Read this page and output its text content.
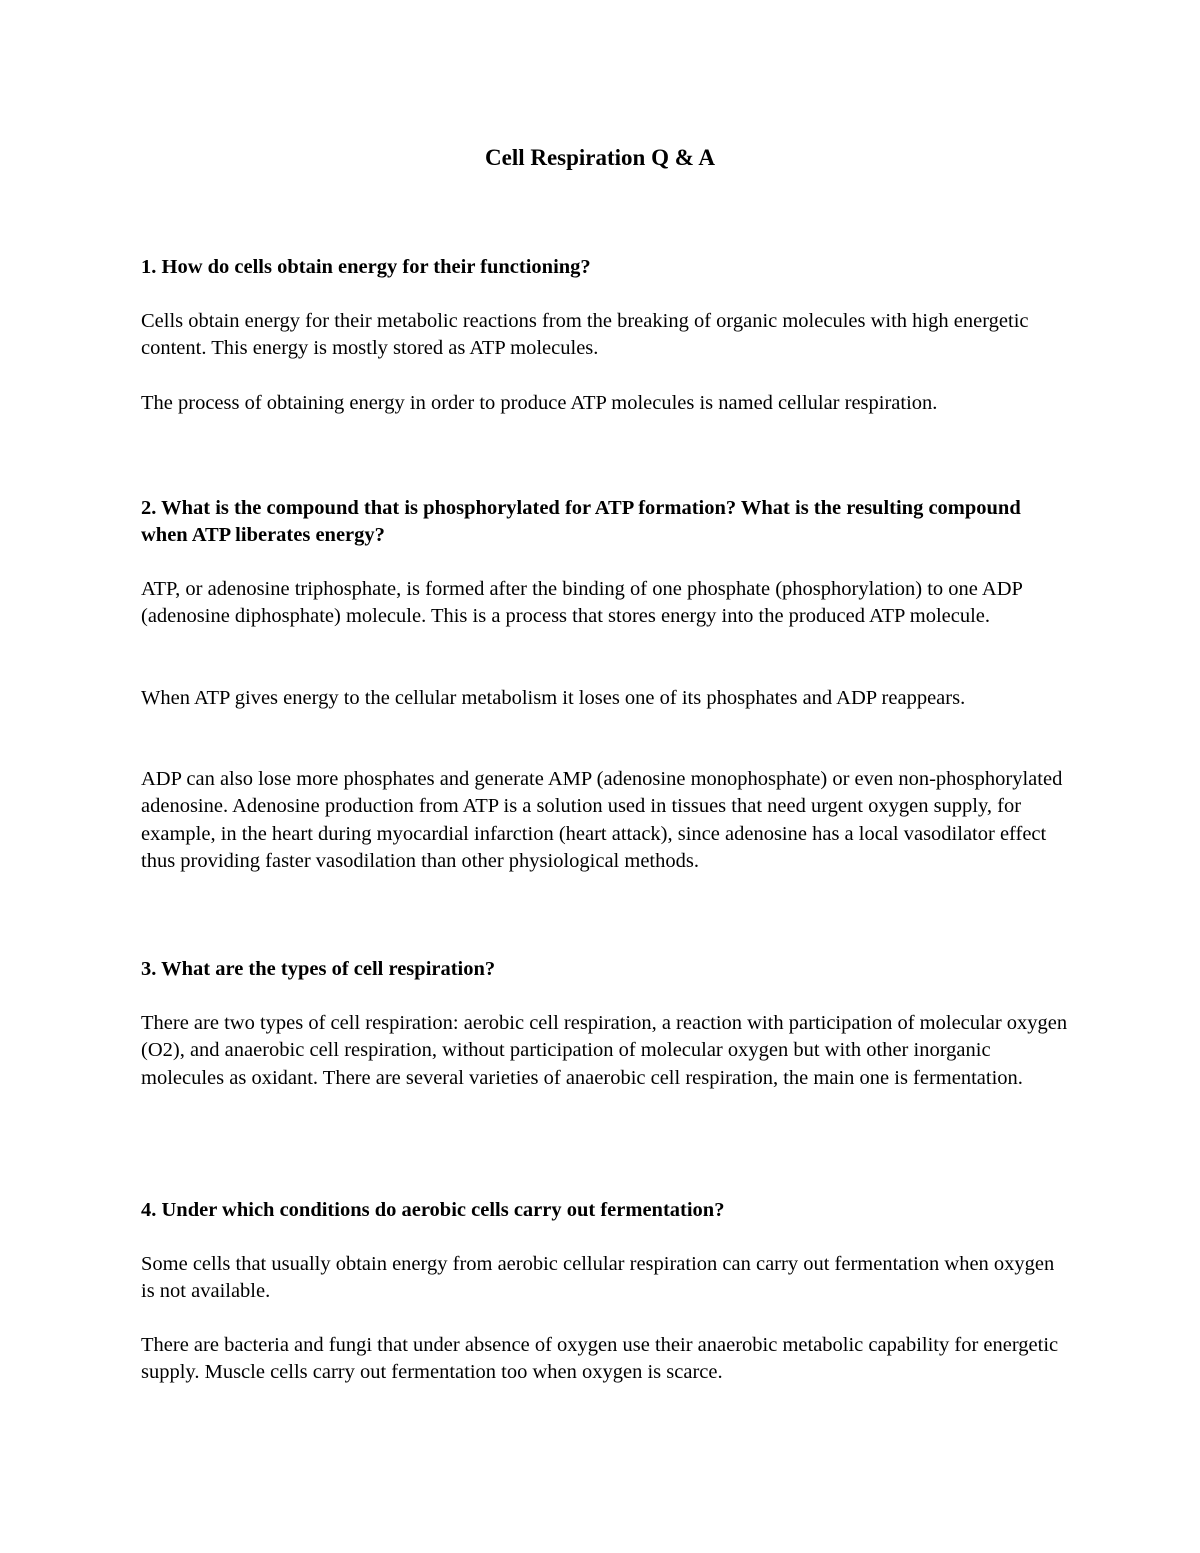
Cell Respiration Q & A

1. How do cells obtain energy for their functioning?

Cells obtain energy for their metabolic reactions from the breaking of organic molecules with high energetic content. This energy is mostly stored as ATP molecules.

The process of obtaining energy in order to produce ATP molecules is named cellular respiration.

2. What is the compound that is phosphorylated for ATP formation? What is the resulting compound when ATP liberates energy?

ATP, or adenosine triphosphate, is formed after the binding of one phosphate (phosphorylation) to one ADP (adenosine diphosphate) molecule. This is a process that stores energy into the produced ATP molecule.

When ATP gives energy to the cellular metabolism it loses one of its phosphates and ADP reappears.

ADP can also lose more phosphates and generate AMP (adenosine monophosphate) or even non-phosphorylated adenosine. Adenosine production from ATP is a solution used in tissues that need urgent oxygen supply, for example, in the heart during myocardial infarction (heart attack), since adenosine has a local vasodilator effect thus providing faster vasodilation than other physiological methods.

3. What are the types of cell respiration?

There are two types of cell respiration: aerobic cell respiration, a reaction with participation of molecular oxygen (O2), and anaerobic cell respiration, without participation of molecular oxygen but with other inorganic molecules as oxidant. There are several varieties of anaerobic cell respiration, the main one is fermentation.

4. Under which conditions do aerobic cells carry out fermentation?

Some cells that usually obtain energy from aerobic cellular respiration can carry out fermentation when oxygen is not available.

There are bacteria and fungi that under absence of oxygen use their anaerobic metabolic capability for energetic supply. Muscle cells carry out fermentation too when oxygen is scarce.
